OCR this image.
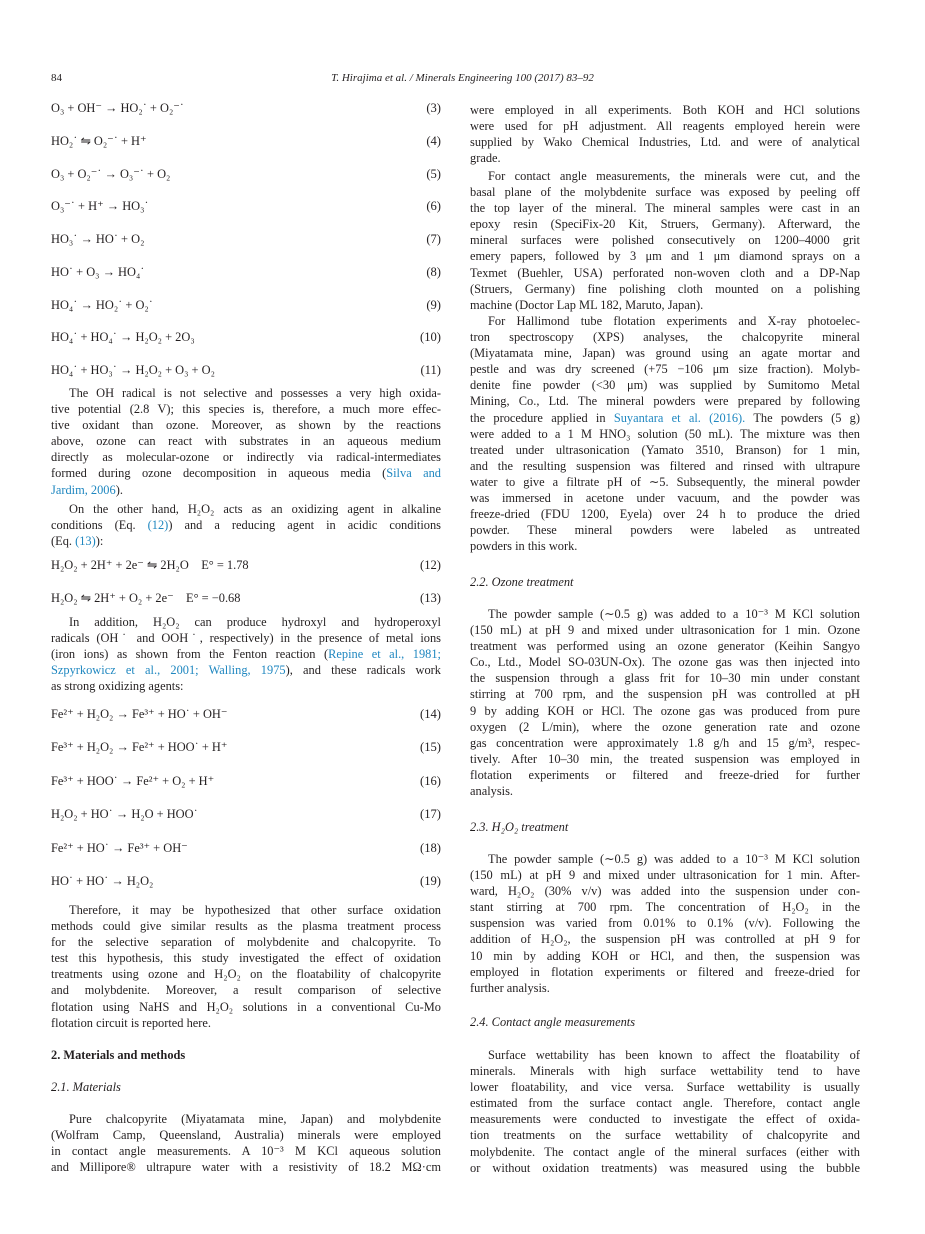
84	T. Hirajima et al. / Minerals Engineering 100 (2017) 83–92
O₃ + OH⁻ → HO₂˙ + O₂⁻˙	(3)
HO₂˙ ⇋ O₂⁻˙ + H⁺	(4)
O₃ + O₂⁻˙ → O₃⁻˙ + O₂	(5)
O₃⁻˙ + H⁺ → HO₃˙	(6)
HO₃˙ → HO˙ + O₂	(7)
HO˙ + O₃ → HO₄˙	(8)
HO₄˙ → HO₂˙ + O₂˙	(9)
HO₄˙ + HO₄˙ → H₂O₂ + 2O₃	(10)
HO₄˙ + HO₃˙ → H₂O₂ + O₃ + O₂	(11)
The OH radical is not selective and possesses a very high oxida-
tive potential (2.8 V); this species is, therefore, a much more effec-
tive oxidant than ozone. Moreover, as shown by the reactions
above, ozone can react with substrates in an aqueous medium
directly as molecular-ozone or indirectly via radical-intermediates
formed during ozone decomposition in aqueous media (Silva and
Jardim, 2006).
On the other hand, H₂O₂ acts as an oxidizing agent in alkaline
conditions (Eq. (12)) and a reducing agent in acidic conditions
(Eq. (13)):
H₂O₂ + 2H⁺ + 2e⁻ ⇋ 2H₂O    E° = 1.78	(12)
H₂O₂ ⇋ 2H⁺ + O₂ + 2e⁻    E° = −0.68	(13)
In addition, H₂O₂ can produce hydroxyl and hydroperoxyl
radicals (OH˙ and OOH˙, respectively) in the presence of metal ions
(iron ions) as shown from the Fenton reaction (Repine et al., 1981;
Szpyrkowicz et al., 2001; Walling, 1975), and these radicals work
as strong oxidizing agents:
Fe²⁺ + H₂O₂ → Fe³⁺ + HO˙ + OH⁻	(14)
Fe³⁺ + H₂O₂ → Fe²⁺ + HOO˙ + H⁺	(15)
Fe³⁺ + HOO˙ → Fe²⁺ + O₂ + H⁺	(16)
H₂O₂ + HO˙ → H₂O + HOO˙	(17)
Fe²⁺ + HO˙ → Fe³⁺ + OH⁻	(18)
HO˙ + HO˙ → H₂O₂	(19)
Therefore, it may be hypothesized that other surface oxidation
methods could give similar results as the plasma treatment process
for the selective separation of molybdenite and chalcopyrite. To
test this hypothesis, this study investigated the effect of oxidation
treatments using ozone and H₂O₂ on the floatability of chalcopyrite
and molybdenite. Moreover, a result comparison of selective
flotation using NaHS and H₂O₂ solutions in a conventional Cu-Mo
flotation circuit is reported here.
2. Materials and methods
2.1. Materials
Pure chalcopyrite (Miyatamata mine, Japan) and molybdenite
(Wolfram Camp, Queensland, Australia) minerals were employed
in contact angle measurements. A 10⁻³ M KCl aqueous solution
and Millipore® ultrapure water with a resistivity of 18.2 MΩ·cm
were employed in all experiments. Both KOH and HCl solutions
were used for pH adjustment. All reagents employed herein were
supplied by Wako Chemical Industries, Ltd. and were of analytical
grade.
For contact angle measurements, the minerals were cut, and the
basal plane of the molybdenite surface was exposed by peeling off
the top layer of the mineral. The mineral samples were cast in an
epoxy resin (SpeciFix-20 Kit, Struers, Germany). Afterward, the
mineral surfaces were polished consecutively on 1200–4000 grit
emery papers, followed by 3 μm and 1 μm diamond sprays on a
Texmet (Buehler, USA) perforated non-woven cloth and a DP-Nap
(Struers, Germany) fine polishing cloth mounted on a polishing
machine (Doctor Lap ML 182, Maruto, Japan).
For Hallimond tube flotation experiments and X-ray photoelec-
tron spectroscopy (XPS) analyses, the chalcopyrite mineral
(Miyatamata mine, Japan) was ground using an agate mortar and
pestle and was dry screened (+75 −106 μm size fraction). Molyb-
denite fine powder (<30 μm) was supplied by Sumitomo Metal
Mining, Co., Ltd. The mineral powders were prepared by following
the procedure applied in Suyantara et al. (2016). The powders (5 g)
were added to a 1 M HNO₃ solution (50 mL). The mixture was then
treated under ultrasonication (Yamato 3510, Branson) for 1 min,
and the resulting suspension was filtered and rinsed with ultrapure
water to give a filtrate pH of ∼5. Subsequently, the mineral powder
was immersed in acetone under vacuum, and the powder was
freeze-dried (FDU 1200, Eyela) over 24 h to produce the dried
powder. These mineral powders were labeled as untreated
powders in this work.
2.2. Ozone treatment
The powder sample (∼0.5 g) was added to a 10⁻³ M KCl solution
(150 mL) at pH 9 and mixed under ultrasonication for 1 min. Ozone
treatment was performed using an ozone generator (Keihin Sangyo
Co., Ltd., Model SO-03UN-Ox). The ozone gas was then injected into
the suspension through a glass frit for 10–30 min under constant
stirring at 700 rpm, and the suspension pH was controlled at pH
9 by adding KOH or HCl. The ozone gas was produced from pure
oxygen (2 L/min), where the ozone generation rate and ozone
gas concentration were approximately 1.8 g/h and 15 g/m³, respec-
tively. After 10–30 min, the treated suspension was employed in
flotation experiments or filtered and freeze-dried for further
analysis.
2.3. H₂O₂ treatment
The powder sample (∼0.5 g) was added to a 10⁻³ M KCl solution
(150 mL) at pH 9 and mixed under ultrasonication for 1 min. After-
ward, H₂O₂ (30% v/v) was added into the suspension under con-
stant stirring at 700 rpm. The concentration of H₂O₂ in the
suspension was varied from 0.01% to 0.1% (v/v). Following the
addition of H₂O₂, the suspension pH was controlled at pH 9 for
10 min by adding KOH or HCl, and then, the suspension was
employed in flotation experiments or filtered and freeze-dried for
further analysis.
2.4. Contact angle measurements
Surface wettability has been known to affect the floatability of
minerals. Minerals with high surface wettability tend to have
lower floatability, and vice versa. Surface wettability is usually
estimated from the surface contact angle. Therefore, contact angle
measurements were conducted to investigate the effect of oxida-
tion treatments on the surface wettability of chalcopyrite and
molybdenite. The contact angle of the mineral surfaces (either with
or without oxidation treatments) was measured using the bubble
